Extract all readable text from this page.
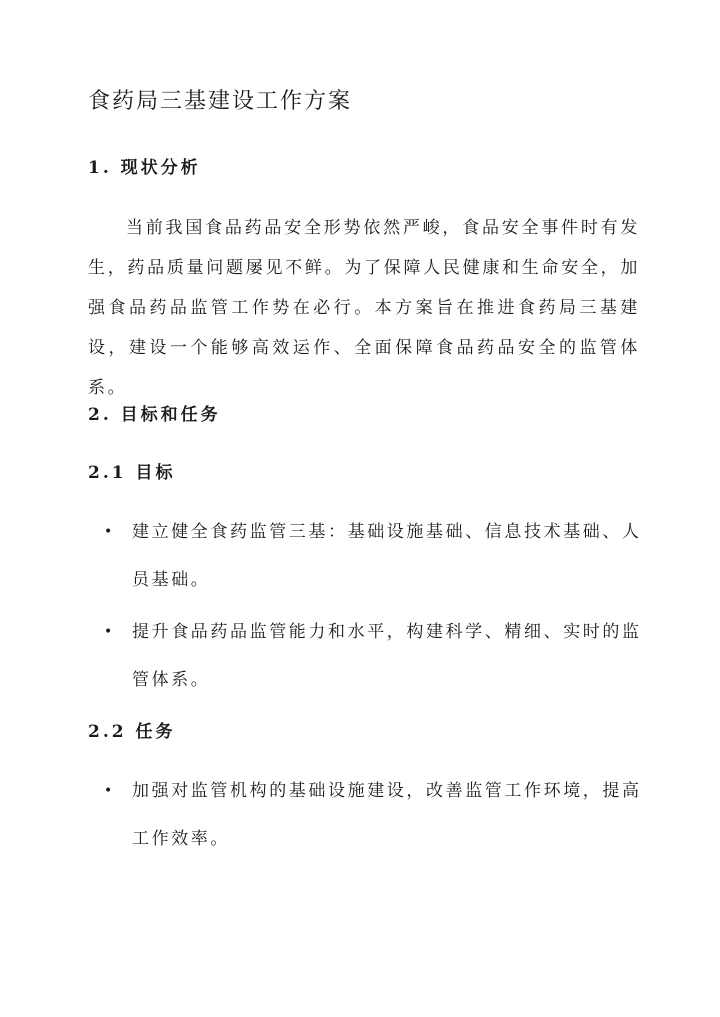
食药局三基建设工作方案
1. 现状分析

当前我国食品药品安全形势依然严峻，食品安全事件时有发生，药品质量问题屡见不鲜。为了保障人民健康和生命安全，加强食品药品监管工作势在必行。本方案旨在推进食药局三基建设，建设一个能够高效运作、全面保障食品药品安全的监管体系。

2. 目标和任务
2.1 目标
•	建立健全食药监管三基：基础设施基础、信息技术基础、人员基础。
•	提升食品药品监管能力和水平，构建科学、精细、实时的监管体系。
2.2 任务
•	加强对监管机构的基础设施建设，改善监管工作环境，提高工作效率。
